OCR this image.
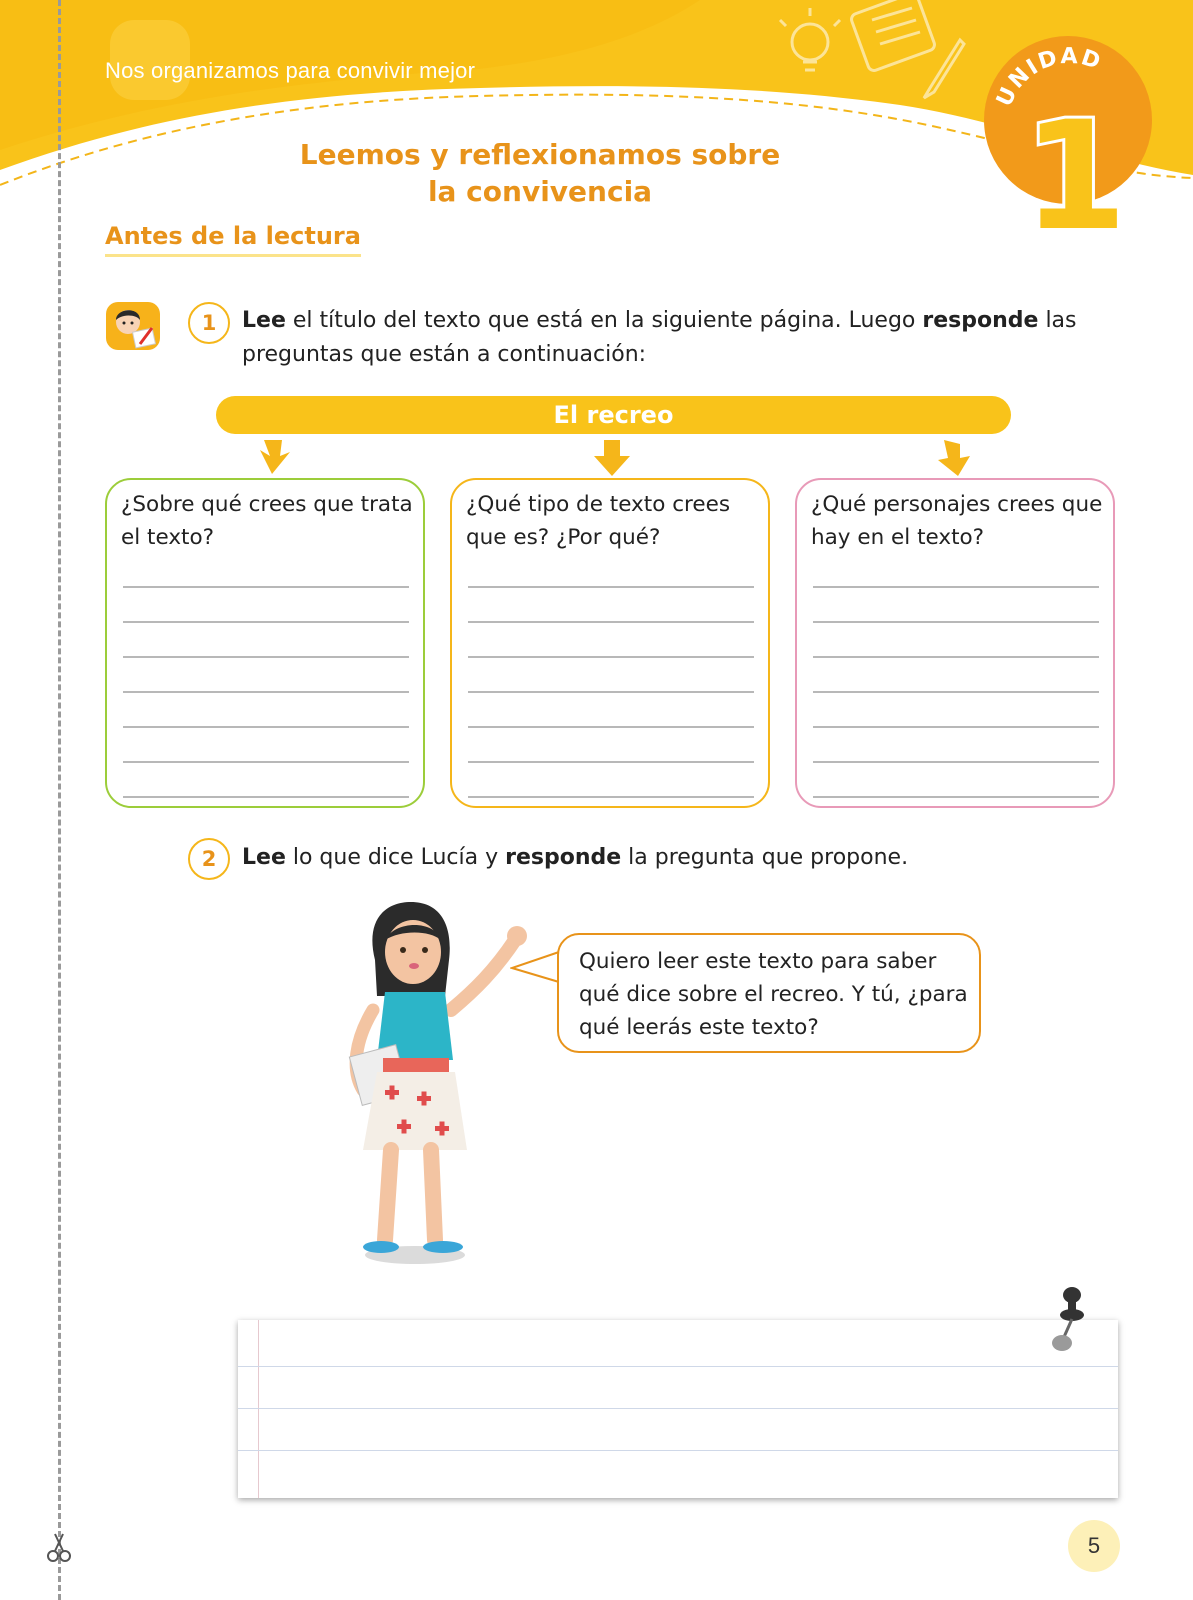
UNIDAD
1
Nos organizamos para convivir mejor
Leemos y reflexionamos sobre
la convivencia
Antes de la lectura
1	Lee el título del texto que está en la siguiente página. Luego responde las preguntas que están a continuación:
El recreo
¿Sobre qué crees que trata el texto?
¿Qué tipo de texto crees que es? ¿Por qué?
¿Qué personajes crees que hay en el texto?
2	Lee lo que dice Lucía y responde la pregunta que propone.
Quiero leer este texto para saber qué dice sobre el recreo. Y tú, ¿para qué leerás este texto?
5
